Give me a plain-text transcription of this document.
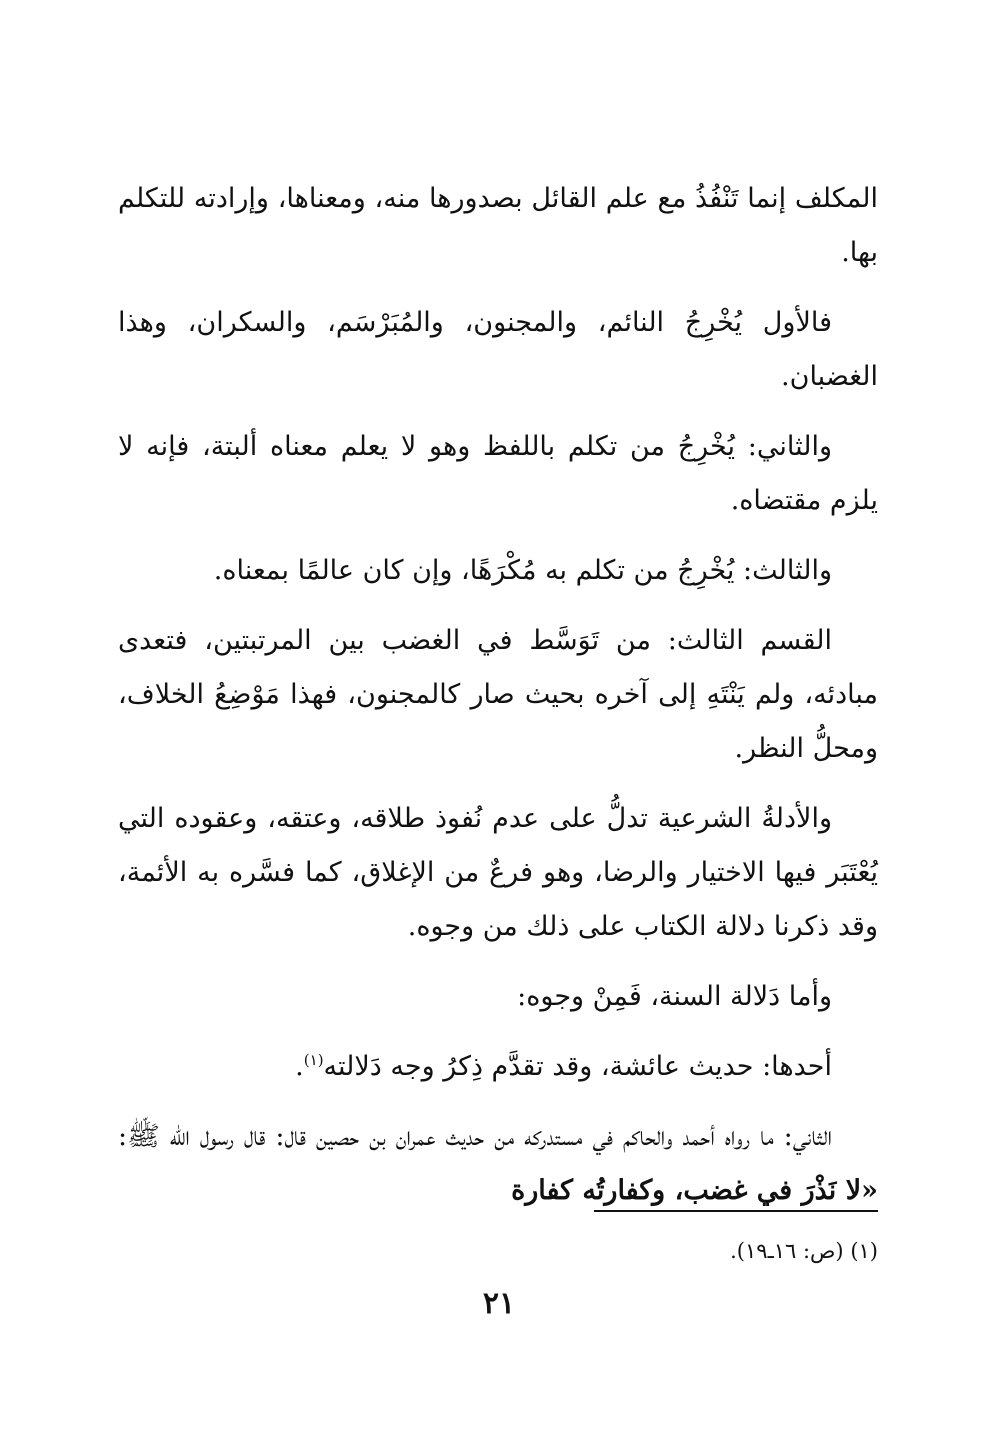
المكلف إنما تَنْفُذُ مع علم القائل بصدورها منه، ومعناها، وإرادته للتكلم بها.

فالأول يُخْرِجُ النائم، والمجنون، والمُبَرْسَم، والسكران، وهذا الغضبان.

والثاني: يُخْرِجُ من تكلم باللفظ وهو لا يعلم معناه ألبتة، فإنه لا يلزم مقتضاه.

والثالث: يُخْرِجُ من تكلم به مُكْرَهًا، وإن كان عالمًا بمعناه.

القسم الثالث: من تَوَسَّط في الغضب بين المرتبتين، فتعدى مبادئه، ولم يَنْتَهِ إلى آخره بحيث صار كالمجنون، فهذا مَوْضِعُ الخلاف، ومحلُّ النظر.

والأدلةُ الشرعية تدلُّ على عدم نُفوذ طلاقه، وعتقه، وعقوده التي يُعْتَبَر فيها الاختيار والرضا، وهو فرعٌ من الإغلاق، كما فسَّره به الأئمة، وقد ذكرنا دلالة الكتاب على ذلك من وجوه.

وأما دَلالة السنة، فَمِنْ وجوه:

أحدها: حديث عائشة، وقد تقدَّم ذِكرُ وجه دَلالته$^{(١)}$.

الثاني: ما رواه أحمد والحاكم في مستدركه من حديث عمران بن حصين قال: قال رسول الله ﷺ: «لا نَذْرَ في غضب، وكفارتُه كفارة

(١) (ص: ١٦ـ١٩).
٢١
